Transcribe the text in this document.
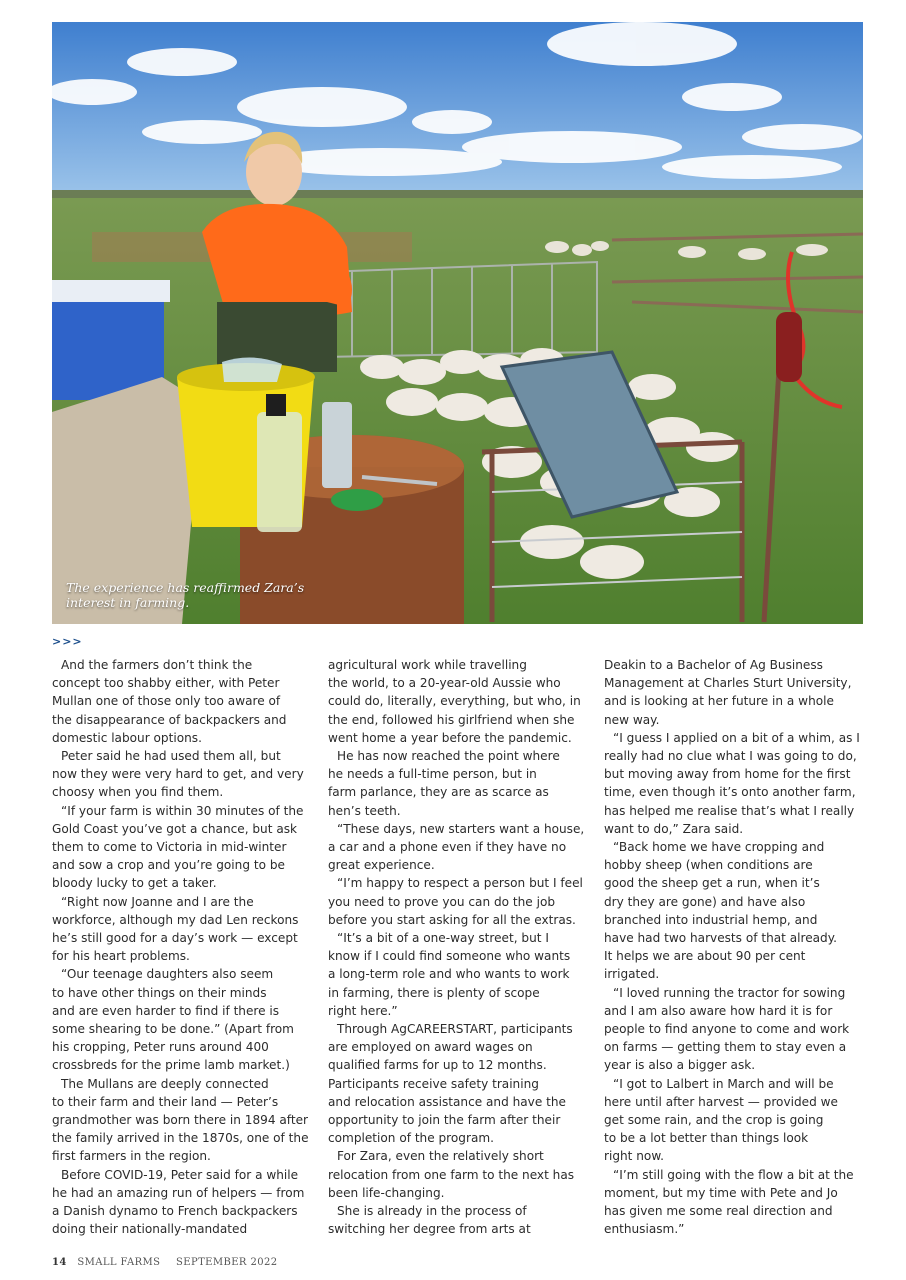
The experience has reaffirmed Zara’s interest in farming.
>>>

And the farmers don’t think the
concept too shabby either, with Peter
Mullan one of those only too aware of
the disappearance of backpackers and
domestic labour options.

Peter said he had used them all, but
now they were very hard to get, and very
choosy when you find them.

“If your farm is within 30 minutes of the
Gold Coast you’ve got a chance, but ask
them to come to Victoria in mid-winter
and sow a crop and you’re going to be
bloody lucky to get a taker.

“Right now Joanne and I are the
workforce, although my dad Len reckons
he’s still good for a day’s work — except
for his heart problems.

“Our teenage daughters also seem
to have other things on their minds
and are even harder to find if there is
some shearing to be done.” (Apart from
his cropping, Peter runs around 400
crossbreds for the prime lamb market.)

The Mullans are deeply connected
to their farm and their land — Peter’s
grandmother was born there in 1894 after
the family arrived in the 1870s, one of the
first farmers in the region.

Before COVID-19, Peter said for a while
he had an amazing run of helpers — from
a Danish dynamo to French backpackers
doing their nationally-mandated

agricultural work while travelling
the world, to a 20-year-old Aussie who
could do, literally, everything, but who, in
the end, followed his girlfriend when she
went home a year before the pandemic.

He has now reached the point where
he needs a full-time person, but in
farm parlance, they are as scarce as
hen’s teeth.

“These days, new starters want a house,
a car and a phone even if they have no
great experience.

“I’m happy to respect a person but I feel
you need to prove you can do the job
before you start asking for all the extras.

“It’s a bit of a one-way street, but I
know if I could find someone who wants
a long-term role and who wants to work
in farming, there is plenty of scope
right here.”

Through AgCAREERSTART, participants
are employed on award wages on
qualified farms for up to 12 months.
Participants receive safety training
and relocation assistance and have the
opportunity to join the farm after their
completion of the program.

For Zara, even the relatively short
relocation from one farm to the next has
been life-changing.

She is already in the process of
switching her degree from arts at

Deakin to a Bachelor of Ag Business
Management at Charles Sturt University,
and is looking at her future in a whole
new way.

“I guess I applied on a bit of a whim, as I
really had no clue what I was going to do,
but moving away from home for the first
time, even though it’s onto another farm,
has helped me realise that’s what I really
want to do,” Zara said.

“Back home we have cropping and
hobby sheep (when conditions are
good the sheep get a run, when it’s
dry they are gone) and have also
branched into industrial hemp, and
have had two harvests of that already.
It helps we are about 90 per cent
irrigated.

“I loved running the tractor for sowing
and I am also aware how hard it is for
people to find anyone to come and work
on farms — getting them to stay even a
year is also a bigger ask.

“I got to Lalbert in March and will be
here until after harvest — provided we
get some rain, and the crop is going
to be a lot better than things look
right now.

“I’m still going with the flow a bit at the
moment, but my time with Pete and Jo
has given me some real direction and
enthusiasm.”

14 SMALL FARMS SEPTEMBER 2022
